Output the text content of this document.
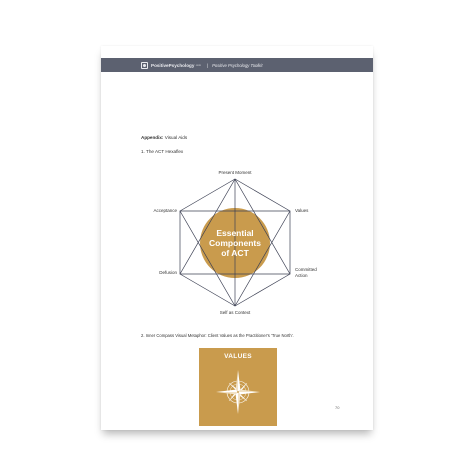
PositivePsychology .com | Positive Psychology Toolkit
Appendix: Visual Aids
1. The ACT Hexaflex
Essential
Components
of ACT
Present Moment
Values
Committed
Action
Self as Context
Defusion
Acceptance
2. Inner Compass Visual Metaphor: Client Values as the Practitioner's 'True North'.
VALUES
70
